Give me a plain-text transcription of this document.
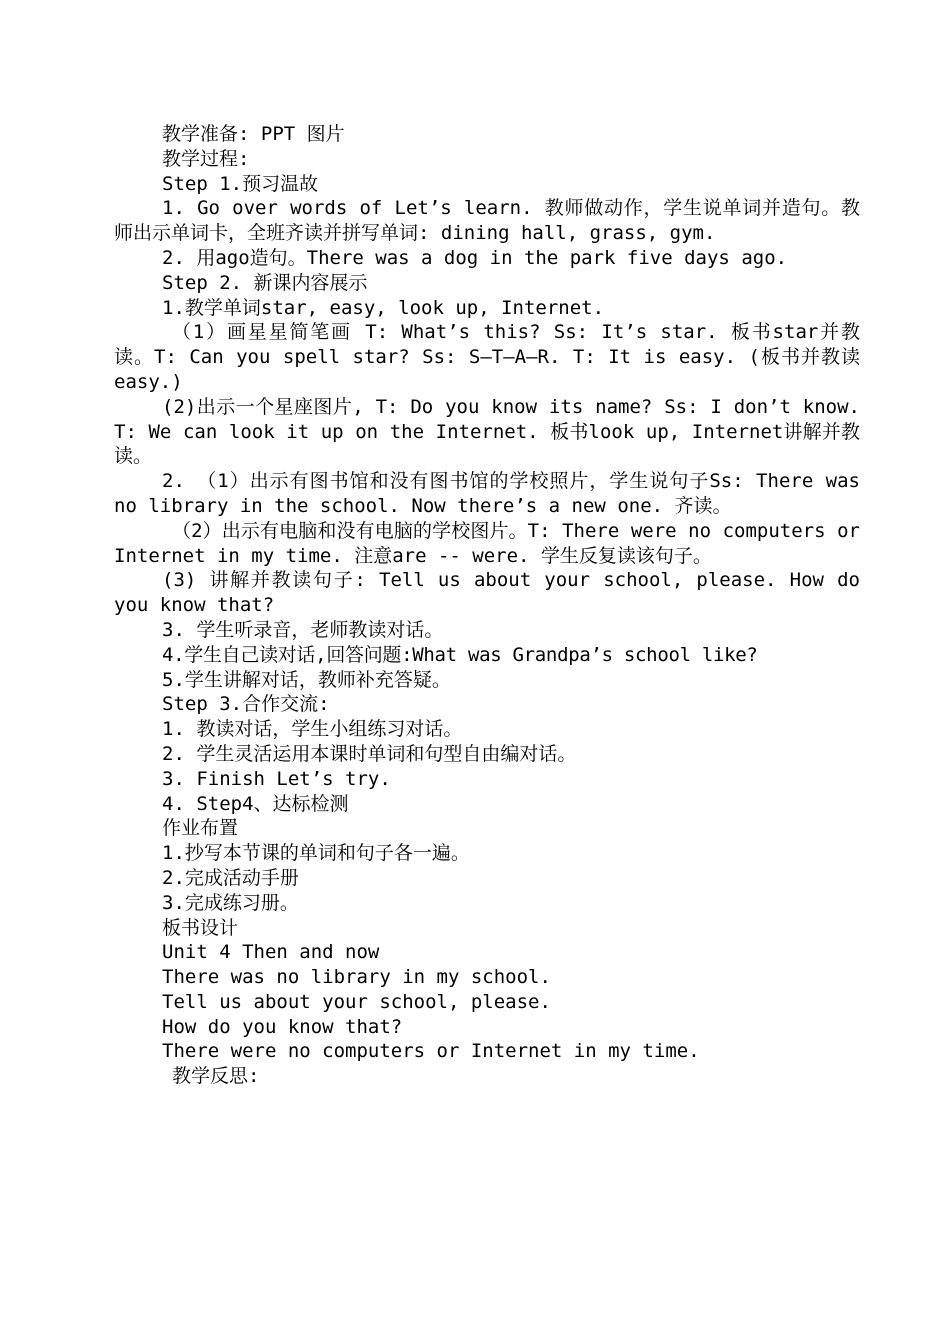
教学准备: PPT 图片

教学过程:

Step 1.预习温故

1. Go over words of Let’s learn. 教师做动作，学生说单词并造句。教师出示单词卡，全班齐读并拼写单词: dining hall, grass, gym.

2. 用ago造句。There was a dog in the park five days ago.

Step 2. 新课内容展示

1.教学单词star, easy, look up, Internet.

（1）画星星简笔画 T: What’s this? Ss: It’s star. 板书star并教读。T: Can you spell star? Ss: S—T—A—R. T: It is easy. (板书并教读easy.)

(2)出示一个星座图片, T: Do you know its name? Ss: I don’t know. T: We can look it up on the Internet. 板书look up, Internet讲解并教读。

2. （1）出示有图书馆和没有图书馆的学校照片，学生说句子Ss: There was no library in the school. Now there’s a new one. 齐读。

（2）出示有电脑和没有电脑的学校图片。T: There were no computers or Internet in my time. 注意are -- were. 学生反复读该句子。

(3) 讲解并教读句子: Tell us about your school, please. How do you know that?

3. 学生听录音，老师教读对话。

4.学生自己读对话,回答问题:What was Grandpa’s school like?

5.学生讲解对话，教师补充答疑。

Step 3.合作交流:

1. 教读对话，学生小组练习对话。

2. 学生灵活运用本课时单词和句型自由编对话。

3. Finish Let’s try.

4. Step4、达标检测

作业布置

1.抄写本节课的单词和句子各一遍。

2.完成活动手册

3.完成练习册。

板书设计

Unit 4 Then and now

There was no library in my school.

Tell us about your school, please.

How do you know that?

There were no computers or Internet in my time.

教学反思:
